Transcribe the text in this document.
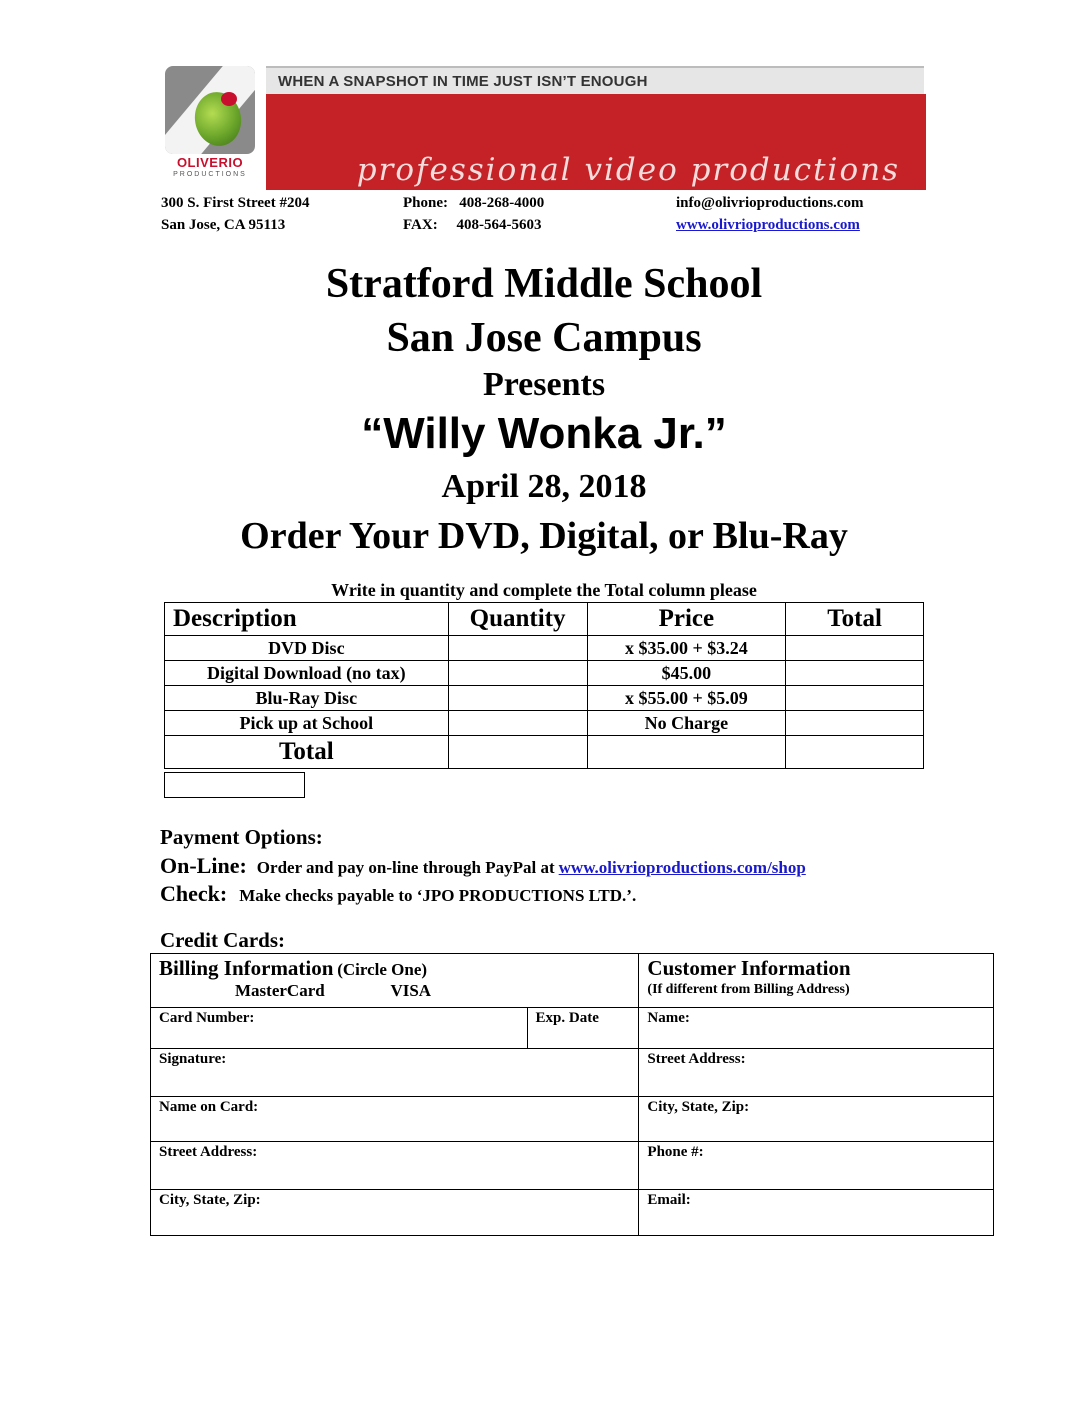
OLIVERIO
PRODUCTIONS
WHEN A SNAPSHOT IN TIME JUST ISN’T ENOUGH
professional video productions
300 S. First Street #204
San Jose, CA 95113
Phone:   408-268-4000
FAX:     408-564-5603
info@olivrioproductions.com
www.olivrioproductions.com
Stratford Middle School
San Jose Campus
Presents
“Willy Wonka Jr.”
April 28, 2018
Order Your DVD, Digital, or Blu-Ray
Write in quantity and complete the Total column please
Description	Quantity	Price	Total
DVD Disc		x $35.00 + $3.24	
Digital Download (no tax)		$45.00	
Blu-Ray Disc		x $55.00 + $5.09	
Pick up at School		No Charge	
Total			
Payment Options:
On-Line: Order and pay on-line through PayPal at www.olivrioproductions.com/shop
Check: Make checks payable to ‘JPO PRODUCTIONS LTD.’.
Credit Cards:
Billing Information (Circle One)
MasterCard VISA		Customer Information
(If different from Billing Address)
Card Number:	Exp. Date	Name:
Signature:		Street Address:
Name on Card:		City, State, Zip:
Street Address:		Phone #:
City, State, Zip:		Email:
